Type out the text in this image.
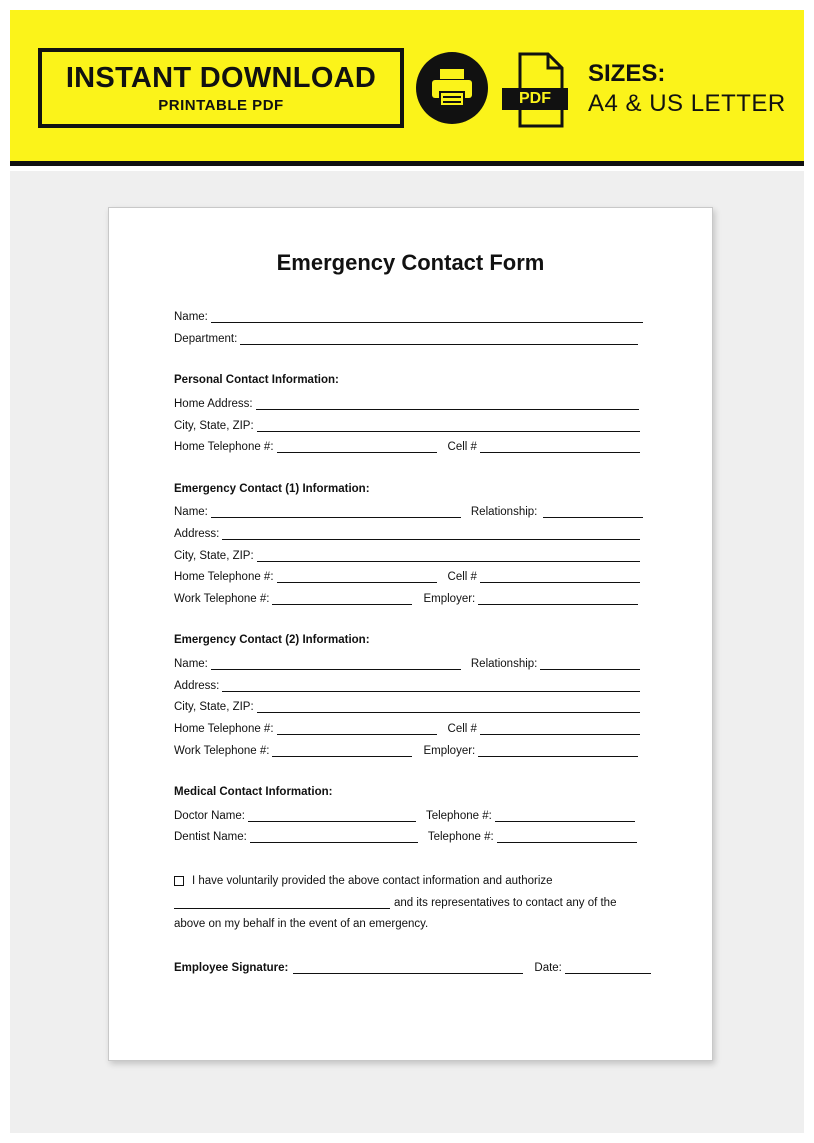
INSTANT DOWNLOAD
PRINTABLE PDF	PDF
SIZES:
A4 & US LETTER
Emergency Contact Form
Name:
Department:
Personal Contact Information:
Home Address:
City, State, ZIP:
Home Telephone #:	Cell #
Emergency Contact (1) Information:
Name:	Relationship:
Address:
City, State, ZIP:
Home Telephone #:	Cell #
Work Telephone #:	Employer:
Emergency Contact (2) Information:
Name:	Relationship:
Address:
City, State, ZIP:
Home Telephone #:	Cell #
Work Telephone #:	Employer:
Medical Contact Information:
Doctor Name:	Telephone #:
Dentist Name:	Telephone #:
I have voluntarily provided the above contact information and authorize
and its representatives to contact any of the
above on my behalf in the event of an emergency.
Employee Signature:	Date:
